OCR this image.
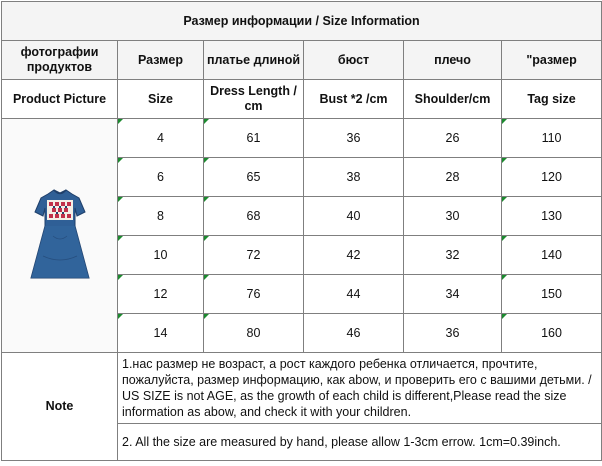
Размер информации / Size Information					
фотографии продуктов	Размер	платье длиной	бюст	плечо	"размер
Product Picture	Size	Dress Length / cm	Bust *2 /cm	Shoulder/cm	Tag size

	4	61	36	26	110
	6	65	38	28	120
	8	68	40	30	130
	10	72	42	32	140
	12	76	44	34	150
	14	80	46	36	160
Note	1.нас размер не возраст, а рост каждого ребенка отличается, прочтите, пожалуйста, размер информацию, как abow, и проверить его с вашими детьми. / US SIZE is not AGE, as the growth of each child is different,Please read the size information as abow, and check it with your children.				
	2. All the size are measured by hand, please allow 1-3cm errow. 1cm=0.39inch.				
